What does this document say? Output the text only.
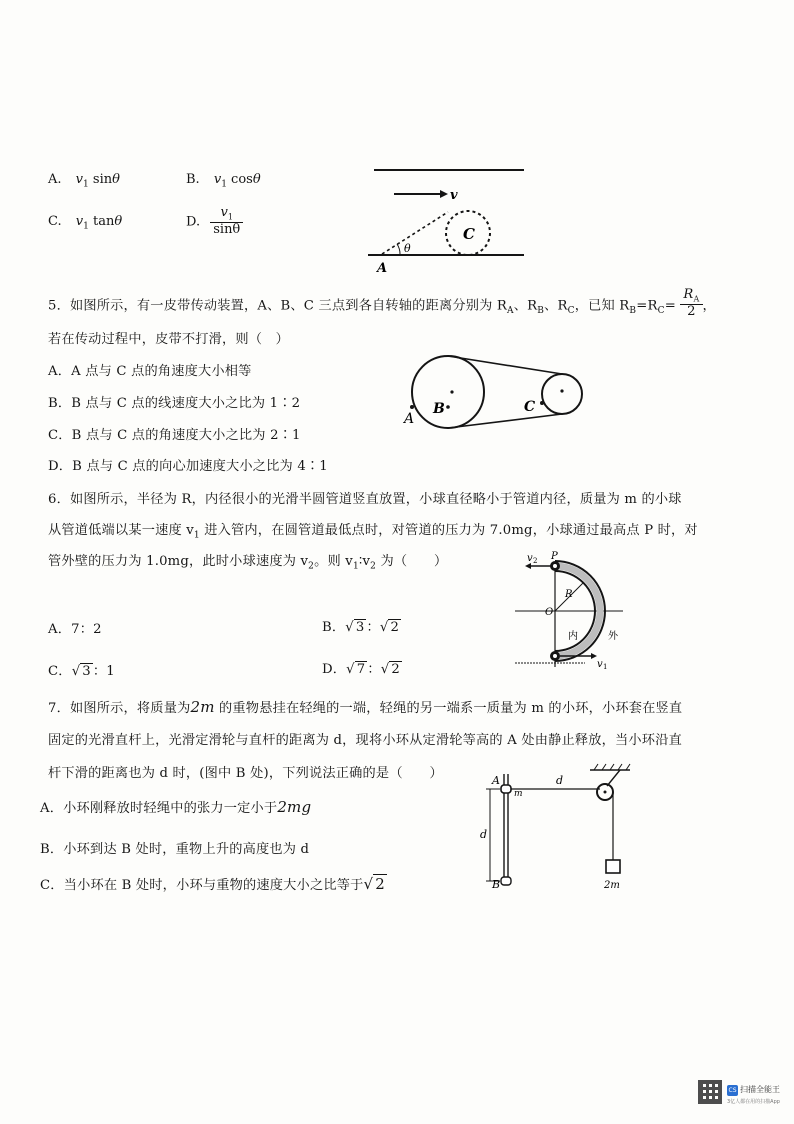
A. $v_1$ sinθ	B. $v_1$ cosθ
C. $v_1$ tanθ	D. $\frac{v_1}{\sin\theta}$
v
C
θ
A
5．如图所示，有一皮带传动装置，A、B、C 三点到各自转轴的距离分别为 $R_A$、$R_B$、$R_C$，已知 $R_B=R_C= \frac{R_A}{2}$ ，
若在传动过程中，皮带不打滑，则（　）
A．A 点与 C 点的角速度大小相等
B．B 点与 C 点的线速度大小之比为 1∶2
C．B 点与 C 点的角速度大小之比为 2∶1
D．B 点与 C 点的向心加速度大小之比为 4∶1
A
B	C
6．如图所示，半径为 R，内径很小的光滑半圆管道竖直放置，小球直径略小于管道内径，质量为 m 的小球
从管道低端以某一速度 $v_1$ 进入管内，在圆管道最低点时，对管道的压力为 7.0mg，小球通过最高点 P 时，对
管外壁的压力为 1.0mg，此时小球速度为 $v_2$。则 $v_1∶v_2$ 为（　　）
A．7：2	B．√ 3 ：√ 2
C．√ 3 ：1	D．√ 7 ：√ 2
P
v 2
R
O
内	外
v 1
7．如图所示，将质量为2m 的重物悬挂在轻绳的一端，轻绳的另一端系一质量为 m 的小环，小环套在竖直
固定的光滑直杆上，光滑定滑轮与直杆的距离为 d，现将小环从定滑轮等高的 A 处由静止释放，当小环沿直
杆下滑的距离也为 d 时，(图中 B 处)，下列说法正确的是（　　）
A．小环刚释放时轻绳中的张力一定小于2mg
B．小环到达 B 处时，重物上升的高度也为 d
C．当小环在 B 处时，小环与重物的速度大小之比等于√ 2
A
m
d
d
B	2m
CS 扫描全能王
3亿人都在用的扫描App
